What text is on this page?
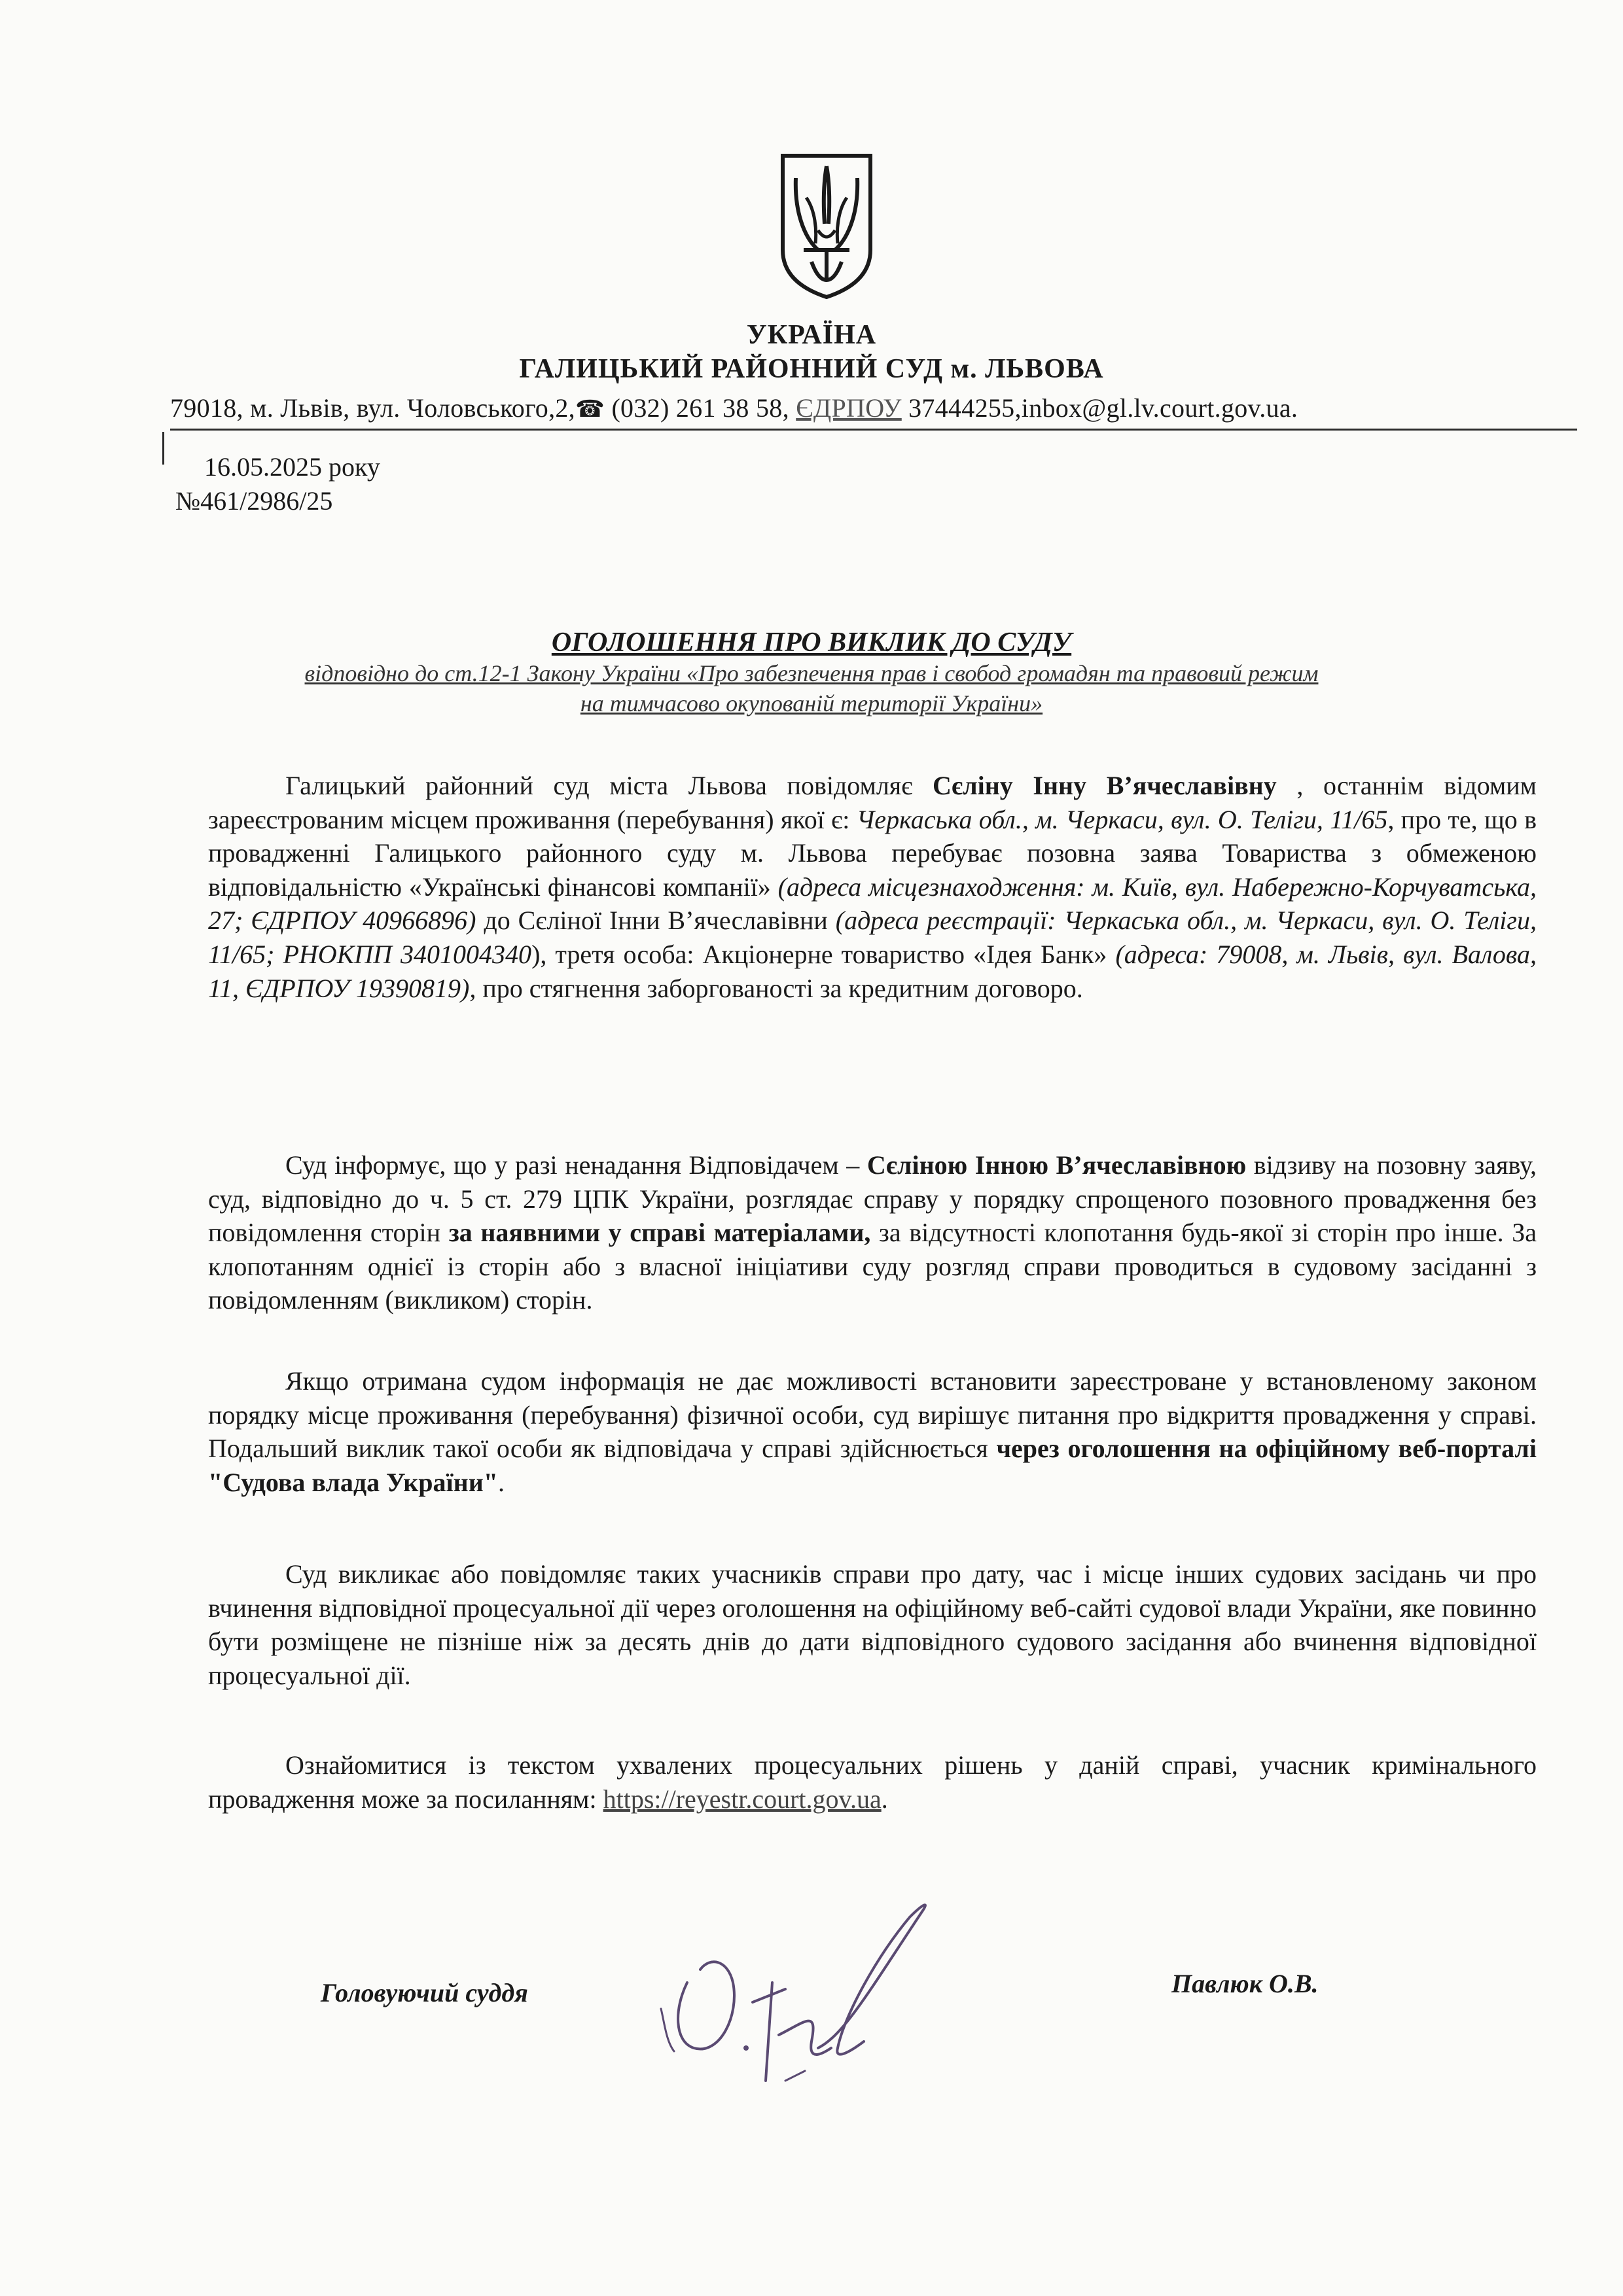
УКРАЇНА
ГАЛИЦЬКИЙ РАЙОННИЙ СУД м. ЛЬВОВА
79018, м. Львів, вул. Чоловського,2,☎ (032) 261 38 58, ЄДРПОУ 37444255,inbox@gl.lv.court.gov.ua.
16.05.2025 року
№461/2986/25
ОГОЛОШЕННЯ ПРО ВИКЛИК ДО СУДУ
відповідно до ст.12-1 Закону України «Про забезпечення прав і свобод громадян та правовий режим
на тимчасово окупованій території України»
Галицький районний суд міста Львова повідомляє Сєліну Інну В’ячеславівну , останнім відомим зареєстрованим місцем проживання (перебування) якої є: Черкаська обл., м. Черкаси, вул. О. Теліги, 11/65, про те, що в провадженні Галицького районного суду м. Львова перебуває позовна заява Товариства з обмеженою відповідальністю «Українські фінансові компанії» (адреса місцезнаходження: м. Київ, вул. Набережно-Корчуватська, 27; ЄДРПОУ 40966896) до Сєліної Інни В’ячеславівни (адреса реєстрації: Черкаська обл., м. Черкаси, вул. О. Теліги, 11/65; РНОКПП 3401004340), третя особа: Акціонерне товариство «Ідея Банк» (адреса: 79008, м. Львів, вул. Валова, 11, ЄДРПОУ 19390819), про стягнення заборгованості за кредитним договоро.
Суд інформує, що у разі ненадання Відповідачем – Сєліною Інною В’ячеславівною відзиву на позовну заяву, суд, відповідно до ч. 5 ст. 279 ЦПК України, розглядає справу у порядку спрощеного позовного провадження без повідомлення сторін за наявними у справі матеріалами, за відсутності клопотання будь-якої зі сторін про інше. За клопотанням однієї із сторін або з власної ініціативи суду розгляд справи проводиться в судовому засіданні з повідомленням (викликом) сторін.
Якщо отримана судом інформація не дає можливості встановити зареєстроване у встановленому законом порядку місце проживання (перебування) фізичної особи, суд вирішує питання про відкриття провадження у справі. Подальший виклик такої особи як відповідача у справі здійснюється через оголошення на офіційному веб-порталі "Судова влада України".
Суд викликає або повідомляє таких учасників справи про дату, час і місце інших судових засідань чи про вчинення відповідної процесуальної дії через оголошення на офіційному веб-сайті судової влади України, яке повинно бути розміщене не пізніше ніж за десять днів до дати відповідного судового засідання або вчинення відповідної процесуальної дії.
Ознайомитися із текстом ухвалених процесуальних рішень у даній справі, учасник кримінального провадження може за посиланням: https://reyestr.court.gov.ua.
Головуючий суддя	Павлюк О.В.
